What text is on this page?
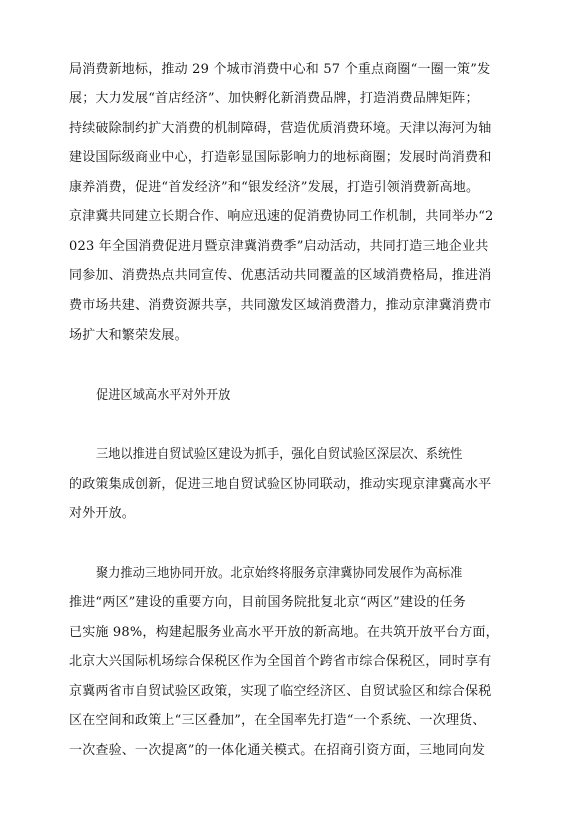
局消费新地标，推动 29 个城市消费中心和 57 个重点商圈“一圈一策”发
展；大力发展“首店经济”、加快孵化新消费品牌，打造消费品牌矩阵；
持续破除制约扩大消费的机制障碍，营造优质消费环境。天津以海河为轴
建设国际级商业中心，打造彰显国际影响力的地标商圈；发展时尚消费和
康养消费，促进“首发经济”和“银发经济”发展，打造引领消费新高地。
京津冀共同建立长期合作、响应迅速的促消费协同工作机制，共同举办“2
023 年全国消费促进月暨京津冀消费季”启动活动，共同打造三地企业共
同参加、消费热点共同宣传、优惠活动共同覆盖的区域消费格局，推进消
费市场共建、消费资源共享，共同激发区域消费潜力，推动京津冀消费市
场扩大和繁荣发展。
促进区域高水平对外开放
三地以推进自贸试验区建设为抓手，强化自贸试验区深层次、系统性
的政策集成创新，促进三地自贸试验区协同联动，推动实现京津冀高水平
对外开放。
聚力推动三地协同开放。北京始终将服务京津冀协同发展作为高标准
推进“两区”建设的重要方向，目前国务院批复北京“两区”建设的任务
已实施 98%，构建起服务业高水平开放的新高地。在共筑开放平台方面，
北京大兴国际机场综合保税区作为全国首个跨省市综合保税区，同时享有
京冀两省市自贸试验区政策，实现了临空经济区、自贸试验区和综合保税
区在空间和政策上“三区叠加”，在全国率先打造“一个系统、一次理货、
一次查验、一次提离”的一体化通关模式。在招商引资方面，三地同向发
